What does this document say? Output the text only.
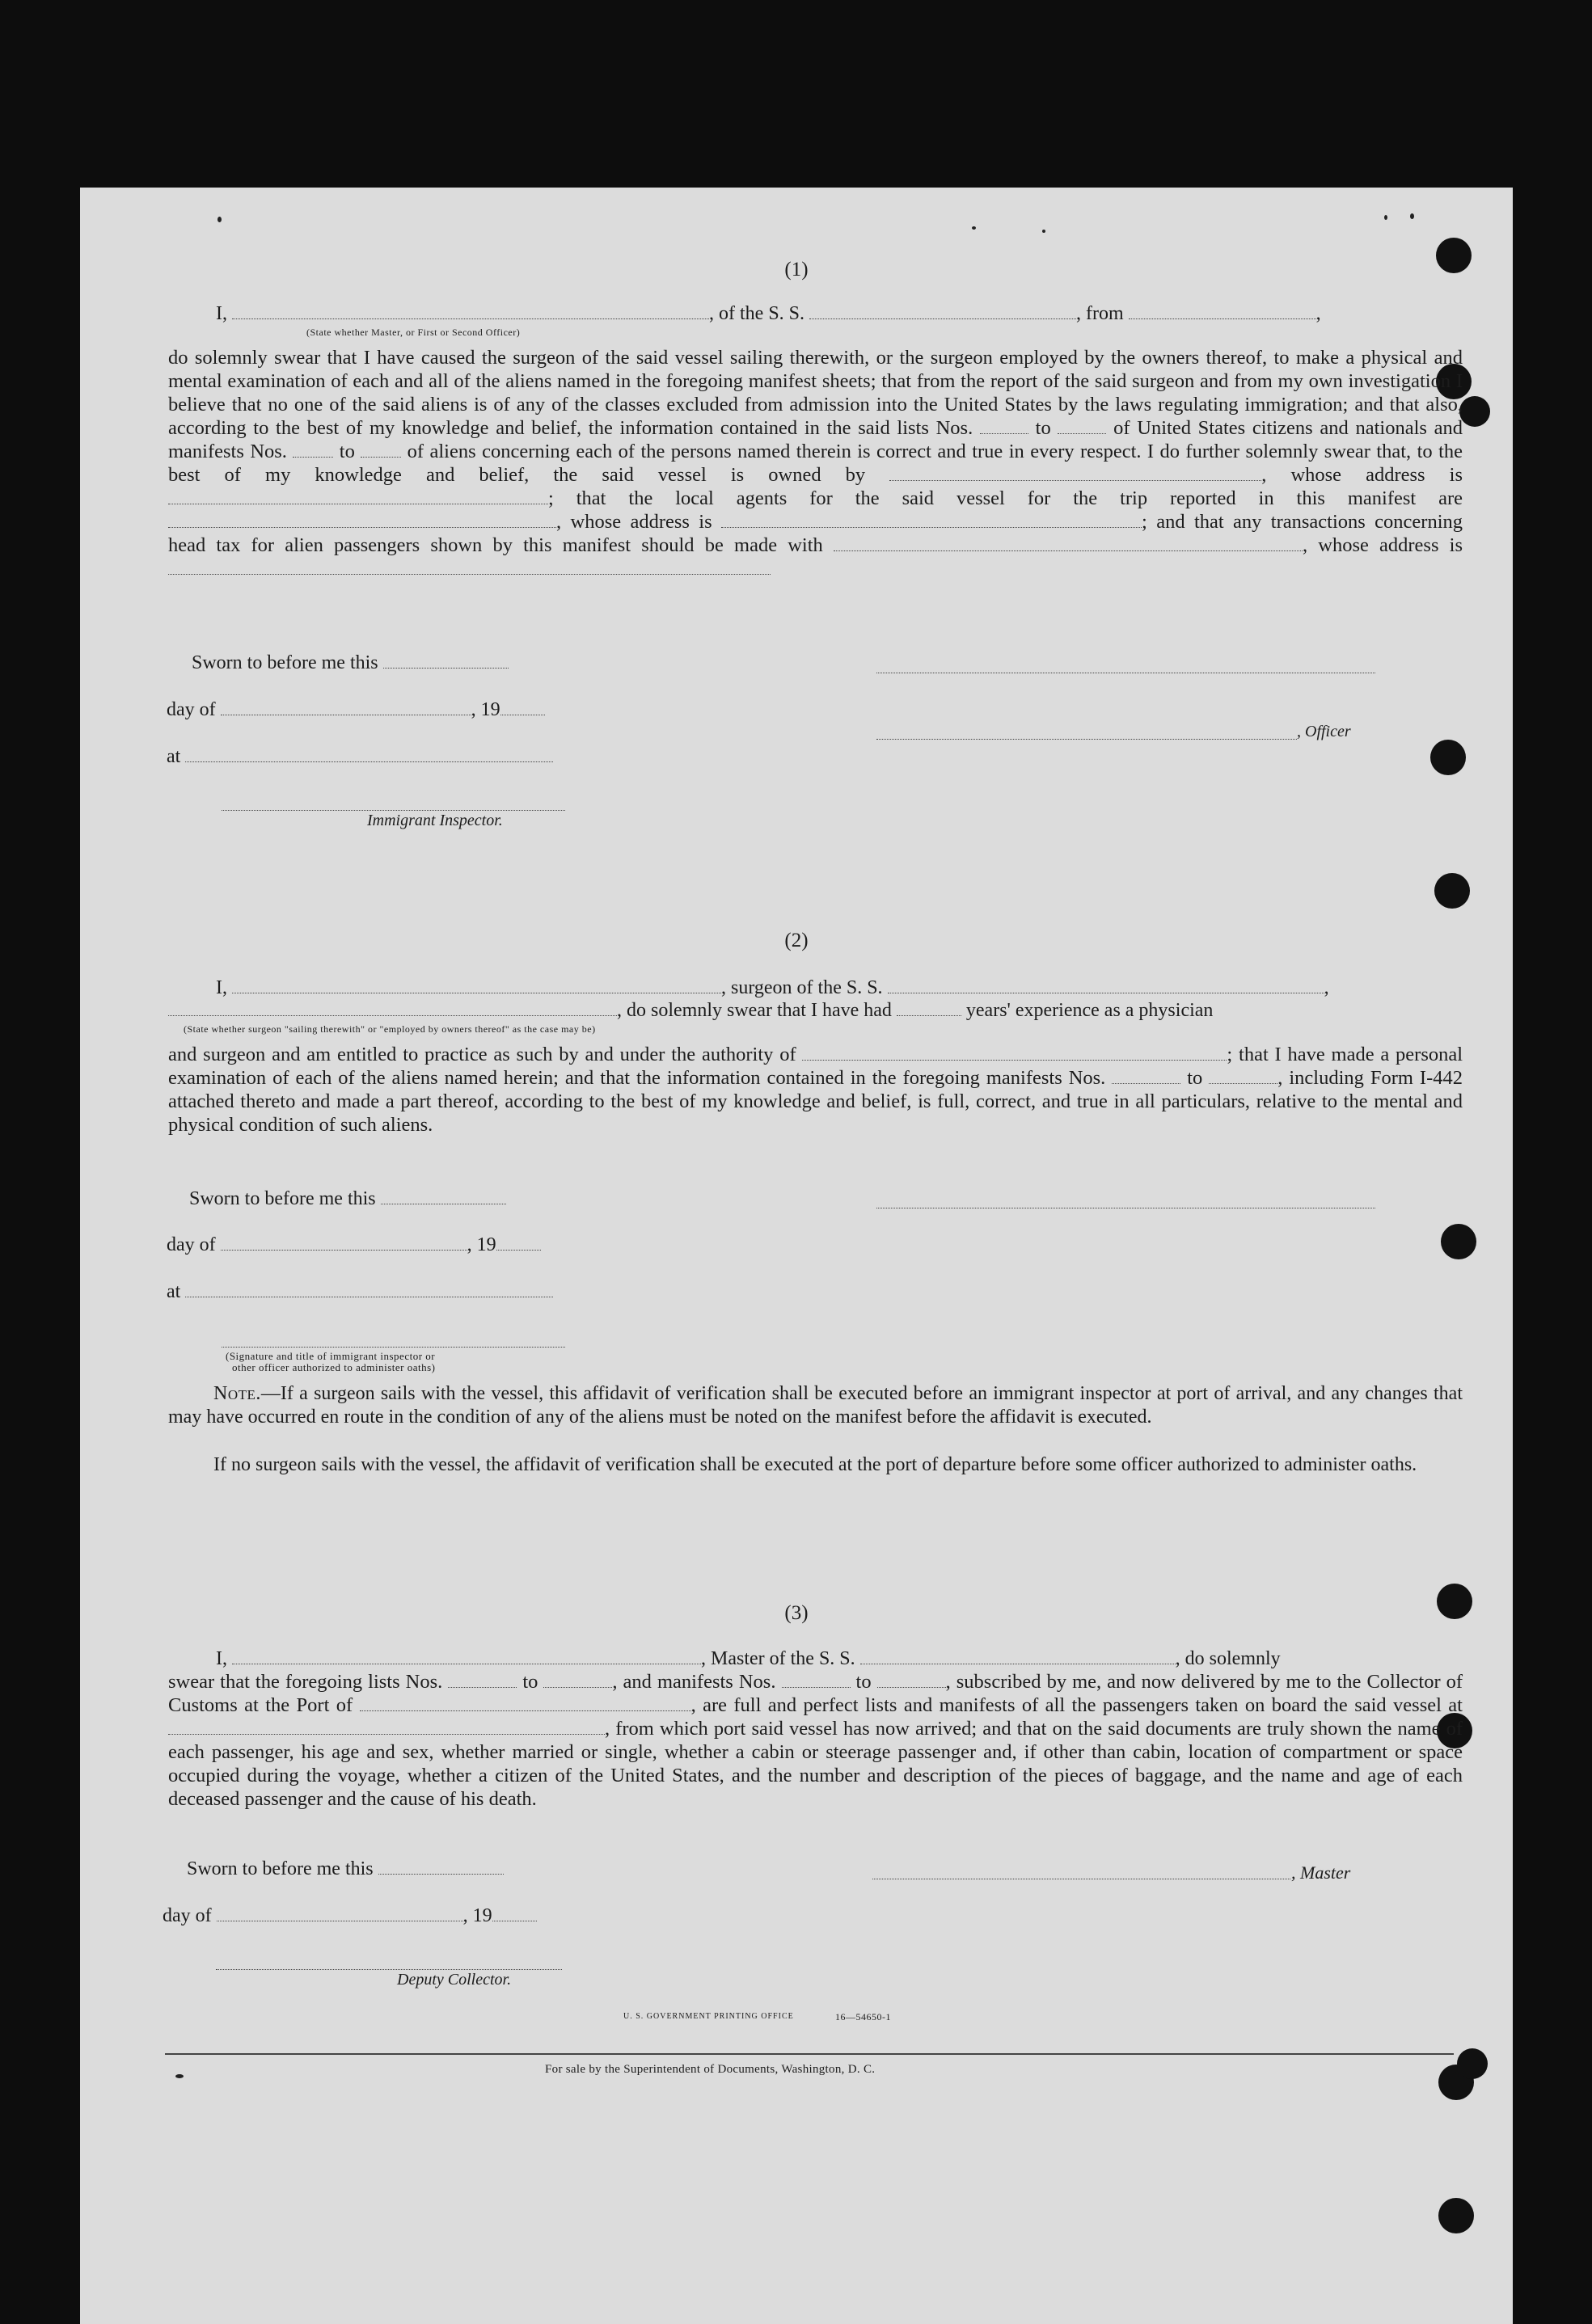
(1)
I,	, of the S. S.	, from	,
(State whether Master, or First or Second Officer)
do solemnly swear that I have caused the surgeon of the said vessel sailing therewith, or the surgeon employed by the owners thereof, to make a physical and mental examination of each and all of the aliens named in the foregoing manifest sheets; that from the report of the said surgeon and from my own investigation I believe that no one of the said aliens is of any of the classes excluded from admission into the United States by the laws regulating immigration; and that also, according to the best of my knowledge and belief, the information contained in the said lists Nos.	to	of United States citizens and nationals and manifests Nos.	to	of aliens concerning each of the persons named therein is correct and true in every respect. I do further solemnly swear that, to the best of my knowledge and belief, the said vessel is owned by	, whose address is ; that the local agents for the said vessel for the trip reported in this manifest are , whose address is	; and that any transactions concerning head tax for alien passengers shown by this manifest should be made with	, whose address is
Sworn to before me this
day of	, 19
, Officer
at
Immigrant Inspector.
(2)
I,	, surgeon of the S. S.	,
, do solemnly swear that I have had	years' experience as a physician
(State whether surgeon "sailing therewith" or "employed by owners thereof" as the case may be)
and surgeon and am entitled to practice as such by and under the authority of	; that I have made a personal examination of each of the aliens named herein; and that the information contained in the foregoing manifests Nos.	to	, including Form I-442 attached thereto and made a part thereof, according to the best of my knowledge and belief, is full, correct, and true in all particulars, relative to the mental and physical condition of such aliens.
Sworn to before me this
day of	, 19
at
(Signature and title of immigrant inspector or
other officer authorized to administer oaths)
Note.—If a surgeon sails with the vessel, this affidavit of verification shall be executed before an immigrant inspector at port of arrival, and any changes that may have occurred en route in the condition of any of the aliens must be noted on the manifest before the affidavit is executed.
If no surgeon sails with the vessel, the affidavit of verification shall be executed at the port of departure before some officer authorized to administer oaths.
(3)
I,	, Master of the S. S.	, do solemnly
swear that the foregoing lists Nos.	to	, and manifests Nos.	to	, subscribed by me, and now delivered by me to the Collector of Customs at the Port of	, are full and perfect lists and manifests of all the passengers taken on board the said vessel at , from which port said vessel has now arrived; and that on the said documents are truly shown the name of each passenger, his age and sex, whether married or single, whether a cabin or steerage passenger and, if other than cabin, location of compartment or space occupied during the voyage, whether a citizen of the United States, and the number and description of the pieces of baggage, and the name and age of each deceased passenger and the cause of his death.
Sworn to before me this	, Master
day of	, 19
Deputy Collector.
U. S. GOVERNMENT PRINTING OFFICE	16—54650-1
For sale by the Superintendent of Documents, Washington, D. C.
